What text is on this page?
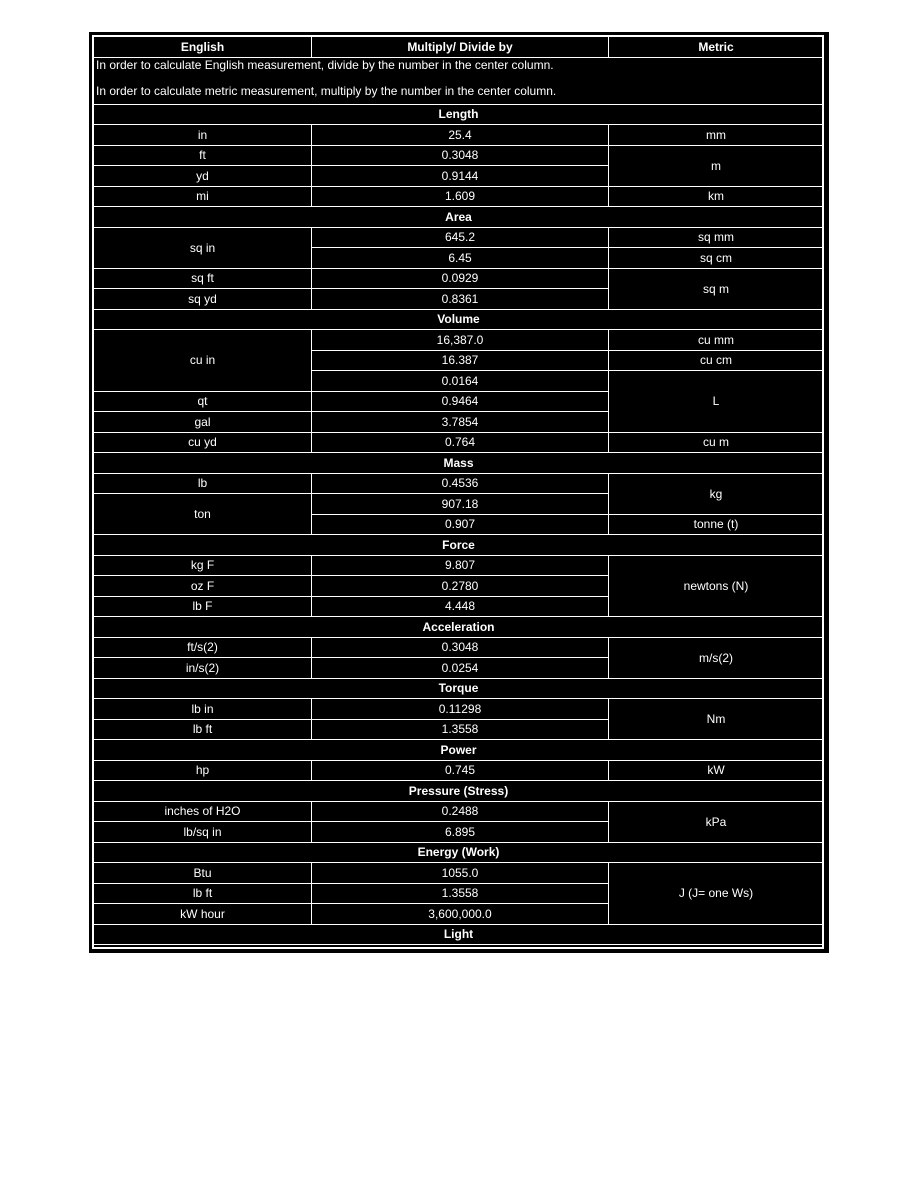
English	Multiply/ Divide by	Metric

In order to calculate English measurement, divide by the number in the center column.

In order to calculate metric measurement, multiply by the number in the center column.		

Length		
in	25.4	mm
ft	0.3048	m
yd	0.9144	
mi	1.609	km
Area		
sq in	645.2	sq mm
	6.45	sq cm
sq ft	0.0929	sq m
sq yd	0.8361	
Volume		
cu in	16,387.0	cu mm
	16.387	cu cm
	0.0164	L
qt	0.9464	
gal	3.7854	
cu yd	0.764	cu m
Mass		
lb	0.4536	kg
ton	907.18	
	0.907	tonne (t)
Force		
kg F	9.807	newtons (N)
oz F	0.2780	
lb F	4.448	
Acceleration		
ft/s(2)	0.3048	m/s(2)
in/s(2)	0.0254	
Torque		
lb in	0.11298	Nm
lb ft	1.3558	
Power		
hp	0.745	kW
Pressure (Stress)		
inches of H2O	0.2488	kPa
lb/sq in	6.895	
Energy (Work)		
Btu	1055.0	J (J= one Ws)
lb ft	1.3558	
kW hour	3,600,000.0	
Light		
